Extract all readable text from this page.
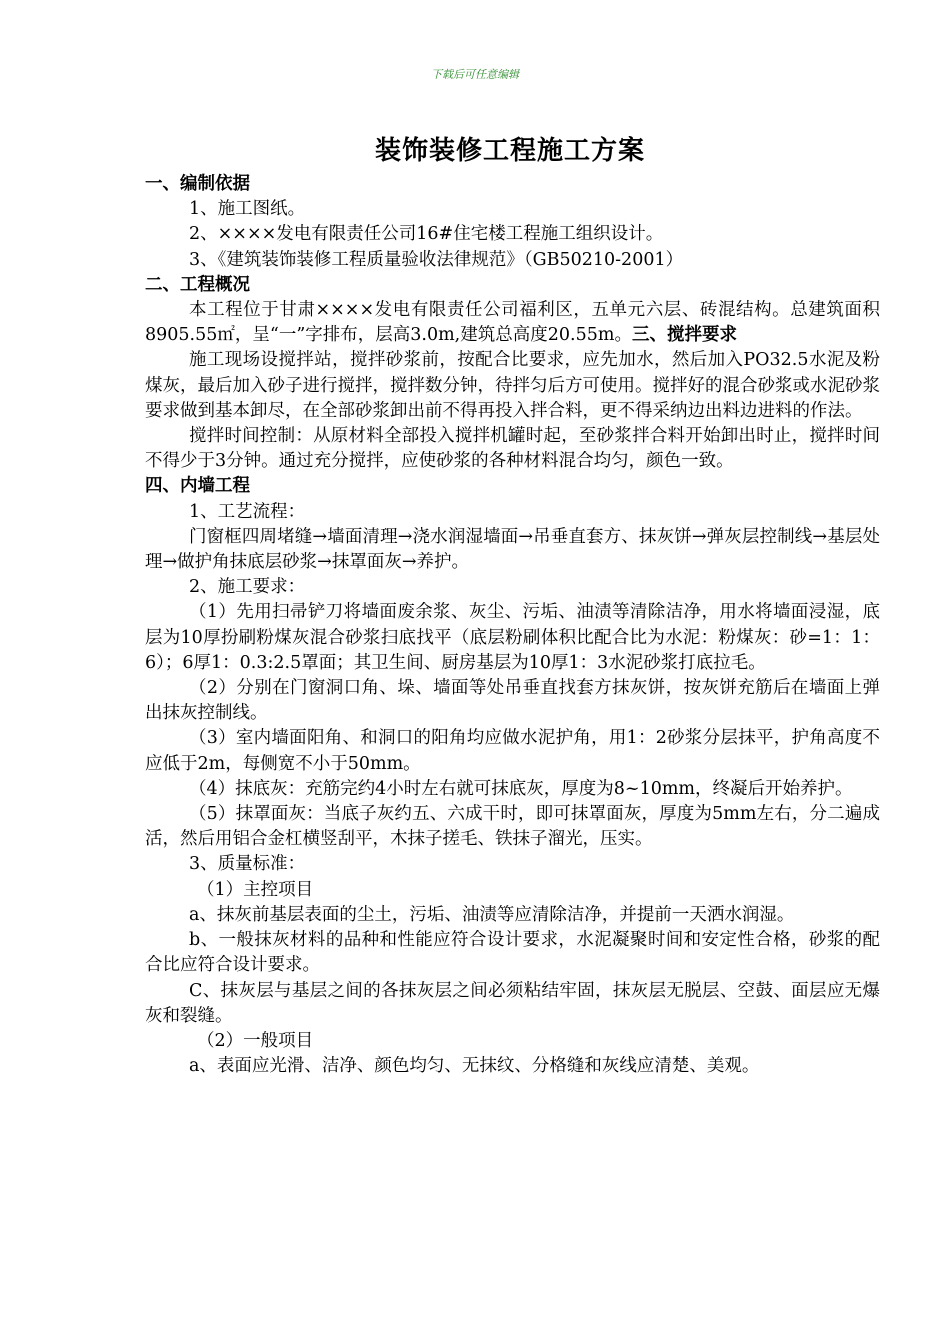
下载后可任意编辑
装饰装修工程施工方案

一、编制依据

1、施工图纸。

2、××××发电有限责任公司16#住宅楼工程施工组织设计。

3、《建筑装饰装修工程质量验收法律规范》（GB50210-2001）

二、工程概况

本工程位于甘肃××××发电有限责任公司福利区，五单元六层、砖混结构。总建筑面积8905.55㎡，呈“一”字排布，层高3.0m,建筑总高度20.55m。三、搅拌要求

施工现场设搅拌站，搅拌砂浆前，按配合比要求，应先加水，然后加入PO32.5水泥及粉煤灰，最后加入砂子进行搅拌，搅拌数分钟，待拌匀后方可使用。搅拌好的混合砂浆或水泥砂浆要求做到基本卸尽，在全部砂浆卸出前不得再投入拌合料，更不得采纳边出料边进料的作法。

搅拌时间控制：从原材料全部投入搅拌机罐时起，至砂浆拌合料开始卸出时止，搅拌时间不得少于3分钟。通过充分搅拌，应使砂浆的各种材料混合均匀，颜色一致。

四、内墙工程

1、工艺流程：

门窗框四周堵缝→墙面清理→浇水润湿墙面→吊垂直套方、抹灰饼→弹灰层控制线→基层处理→做护角抹底层砂浆→抹罩面灰→养护。

2、施工要求：

（1）先用扫帚铲刀将墙面废余浆、灰尘、污垢、油渍等清除洁净，用水将墙面浸湿，底层为10厚扮刷粉煤灰混合砂浆扫底找平（底层粉刷体积比配合比为水泥：粉煤灰：砂=1：1：6）；6厚1：0.3:2.5罩面；其卫生间、厨房基层为10厚1：3水泥砂浆打底拉毛。

（2）分别在门窗洞口角、垛、墙面等处吊垂直找套方抹灰饼，按灰饼充筋后在墙面上弹出抹灰控制线。

（3）室内墙面阳角、和洞口的阳角均应做水泥护角，用1：2砂浆分层抹平，护角高度不应低于2m，每侧宽不小于50mm。

（4）抹底灰：充筋完约4小时左右就可抹底灰，厚度为8~10mm，终凝后开始养护。

（5）抹罩面灰：当底子灰约五、六成干时，即可抹罩面灰，厚度为5mm左右，分二遍成活，然后用铝合金杠横竖刮平，木抹子搓毛、铁抹子溜光，压实。

3、质量标准：

（1）主控项目

a、抹灰前基层表面的尘土，污垢、油渍等应清除洁净，并提前一天洒水润湿。

b、一般抹灰材料的品种和性能应符合设计要求，水泥凝聚时间和安定性合格，砂浆的配合比应符合设计要求。

C、抹灰层与基层之间的各抹灰层之间必须粘结牢固，抹灰层无脱层、空鼓、面层应无爆灰和裂缝。

（2）一般项目

a、表面应光滑、洁净、颜色均匀、无抹纹、分格缝和灰线应清楚、美观。
